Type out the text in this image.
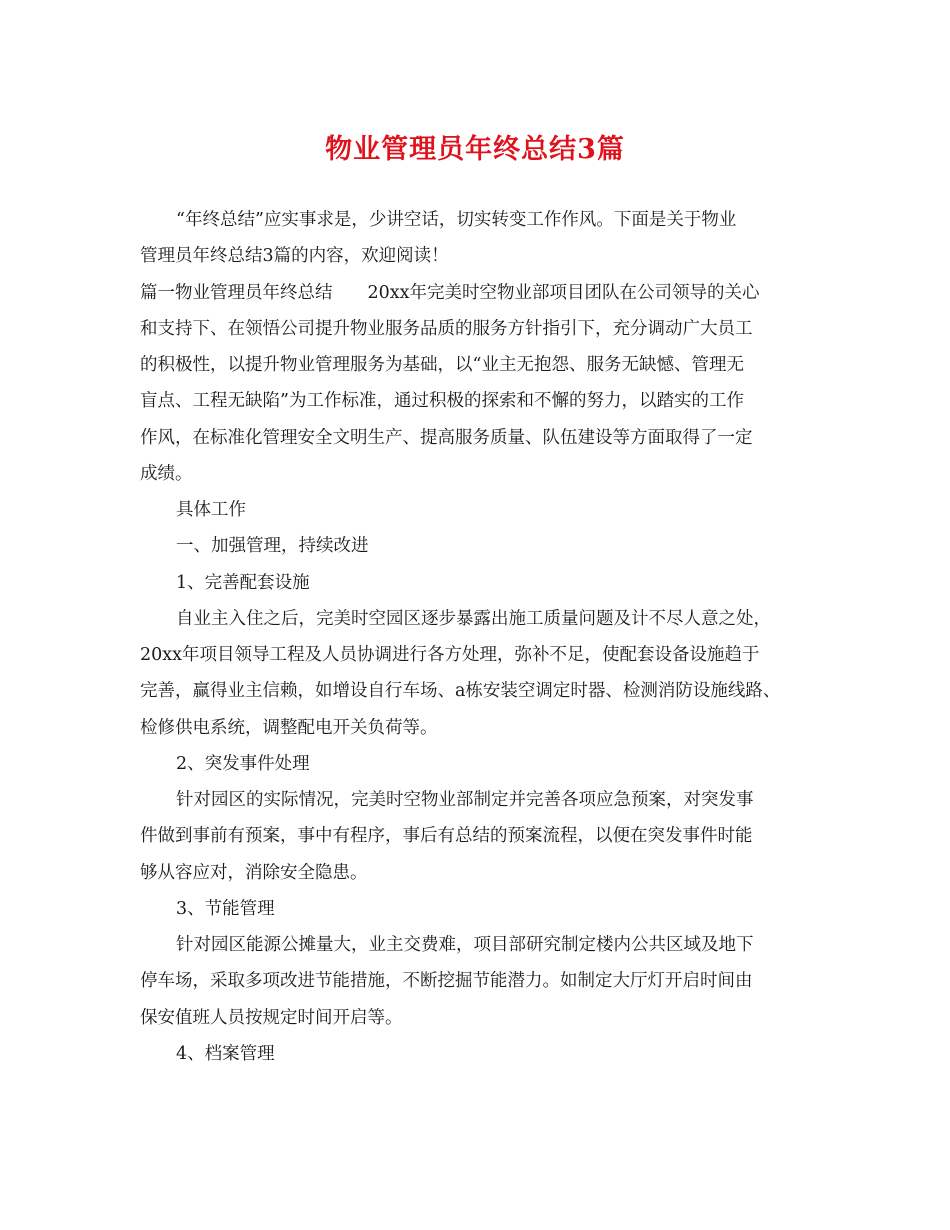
物业管理员年终总结3篇
“年终总结”应实事求是，少讲空话，切实转变工作作风。下面是关于物业
管理员年终总结3篇的内容，欢迎阅读！
篇一物业管理员年终总结　　20xx年完美时空物业部项目团队在公司领导的关心
和支持下、在领悟公司提升物业服务品质的服务方针指引下，充分调动广大员工
的积极性，以提升物业管理服务为基础，以“业主无抱怨、服务无缺憾、管理无
盲点、工程无缺陷”为工作标准，通过积极的探索和不懈的努力，以踏实的工作
作风，在标准化管理安全文明生产、提高服务质量、队伍建设等方面取得了一定
成绩。
具体工作
一、加强管理，持续改进
1、完善配套设施
自业主入住之后，完美时空园区逐步暴露出施工质量问题及计不尽人意之处，
20xx年项目领导工程及人员协调进行各方处理，弥补不足，使配套设备设施趋于
完善，赢得业主信赖，如增设自行车场、a栋安装空调定时器、检测消防设施线路、
检修供电系统，调整配电开关负荷等。
2、突发事件处理
针对园区的实际情况，完美时空物业部制定并完善各项应急预案，对突发事
件做到事前有预案，事中有程序，事后有总结的预案流程，以便在突发事件时能
够从容应对，消除安全隐患。
3、节能管理
针对园区能源公摊量大，业主交费难，项目部研究制定楼内公共区域及地下
停车场，采取多项改进节能措施，不断挖掘节能潜力。如制定大厅灯开启时间由
保安值班人员按规定时间开启等。
4、档案管理
